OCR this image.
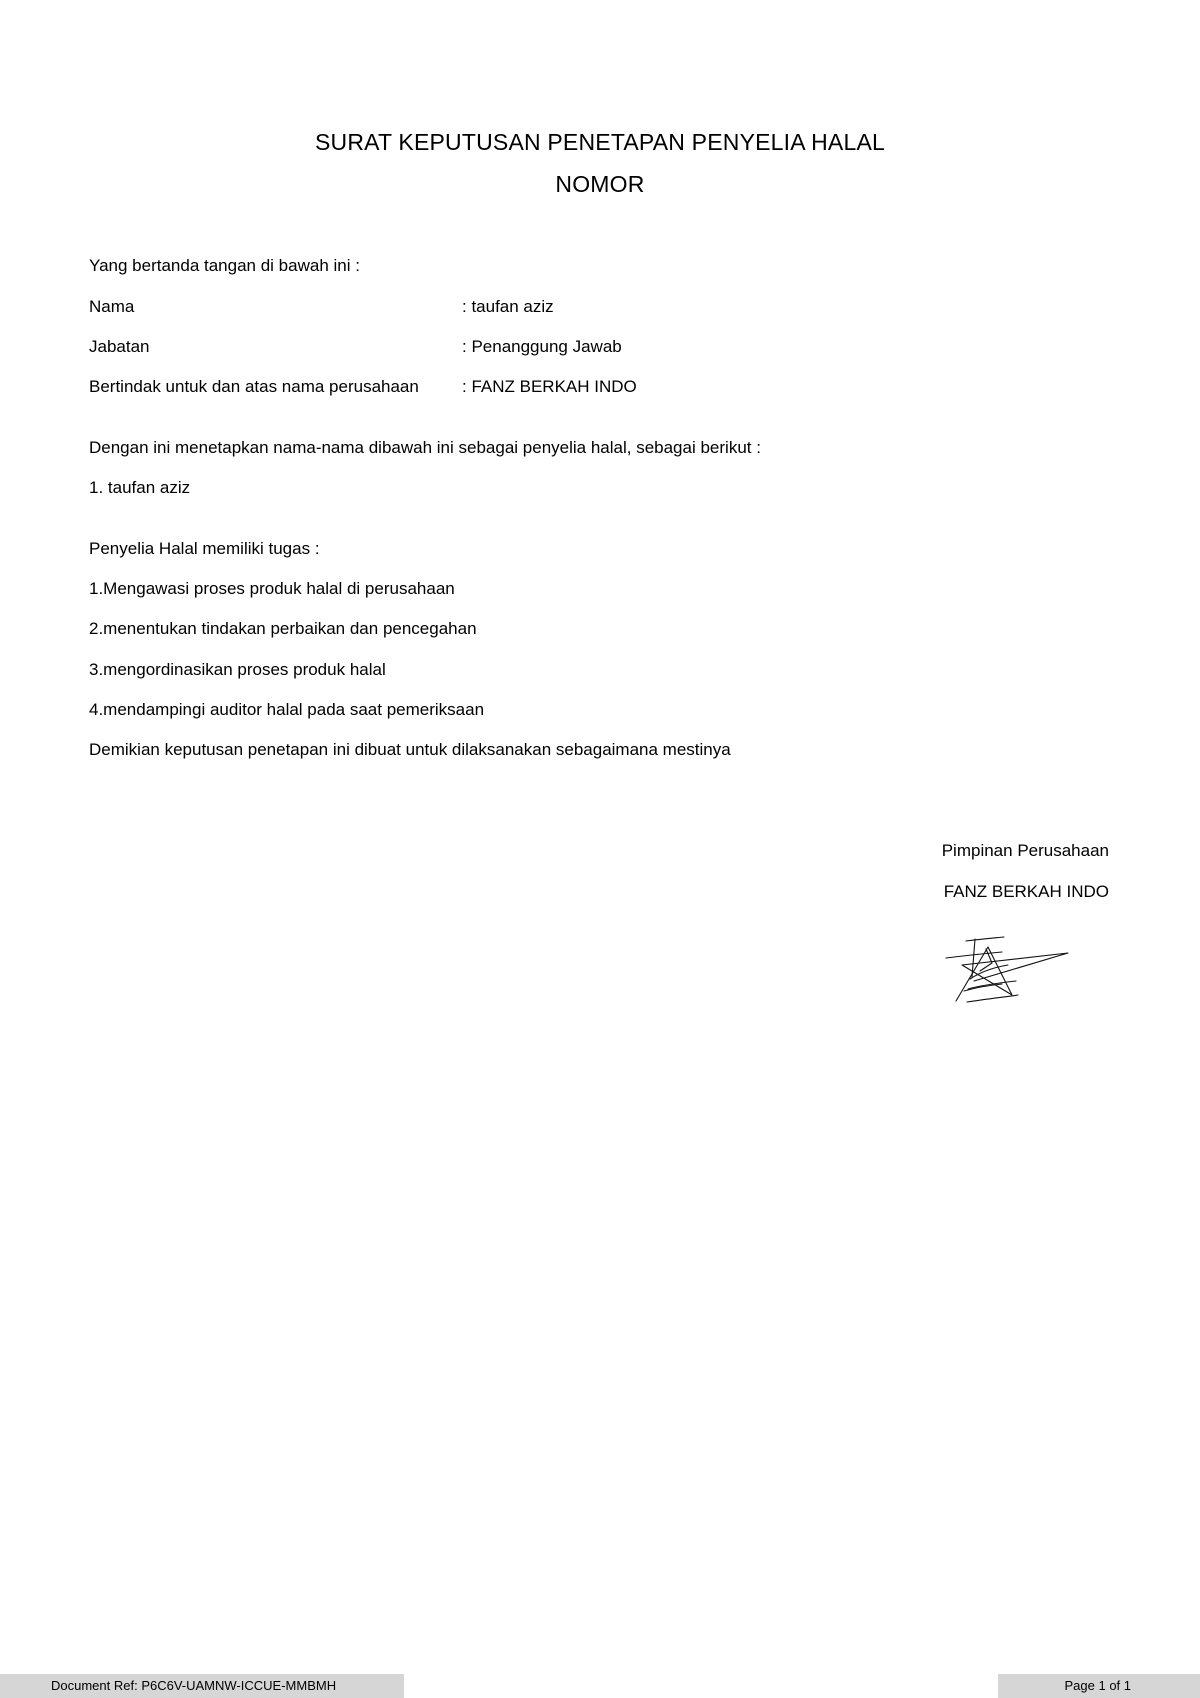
SURAT KEPUTUSAN PENETAPAN PENYELIA HALAL
NOMOR
Yang bertanda tangan di bawah ini :
Nama	: taufan aziz
Jabatan	: Penanggung Jawab
Bertindak untuk dan atas nama perusahaan	: FANZ BERKAH INDO
Dengan ini menetapkan nama-nama dibawah ini sebagai penyelia halal, sebagai berikut :
1. taufan aziz
Penyelia Halal memiliki tugas :
1.Mengawasi proses produk halal di perusahaan
2.menentukan tindakan perbaikan dan pencegahan
3.mengordinasikan proses produk halal
4.mendampingi auditor halal pada saat pemeriksaan
Demikian keputusan penetapan ini dibuat untuk dilaksanakan sebagaimana mestinya
Pimpinan Perusahaan
FANZ BERKAH INDO
Document Ref: P6C6V-UAMNW-ICCUE-MMBMH	Page 1 of 1
